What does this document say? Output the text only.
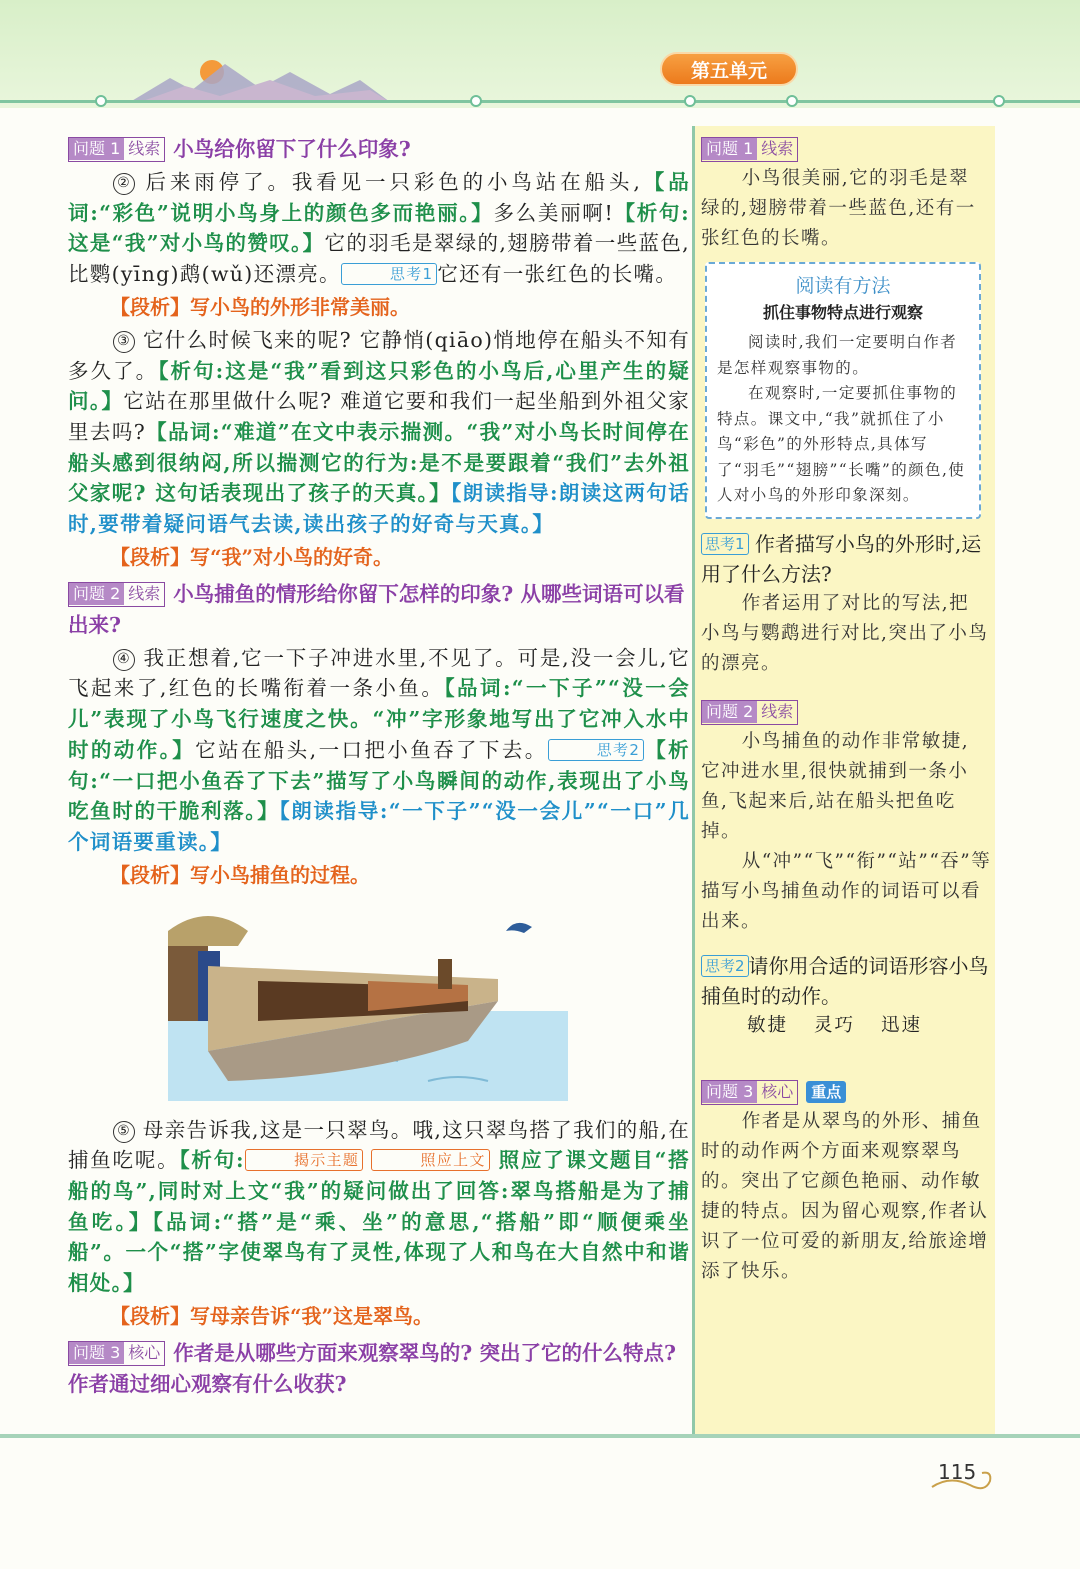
第五单元
问题 1 线索 小鸟给你留下了什么印象?

② 后来雨停了。我看见一只彩色的小鸟站在船头,【品词:“彩色”说明小鸟身上的颜色多而艳丽。】多么美丽啊!【析句:这是“我”对小鸟的赞叹。】它的羽毛是翠绿的,翅膀带着一些蓝色,比鹦(yīng)鹉(wǔ)还漂亮。	思考1 它还有一张红色的长嘴。

【段析】写小鸟的外形非常美丽。

③ 它什么时候飞来的呢? 它静悄(qiāo)悄地停在船头不知有多久了。【析句:这是“我”看到这只彩色的小鸟后,心里产生的疑问。】它站在那里做什么呢? 难道它要和我们一起坐船到外祖父家里去吗?【品词:“难道”在文中表示揣测。“我”对小鸟长时间停在船头感到很纳闷,所以揣测它的行为:是不是要跟着“我们”去外祖父家呢? 这句话表现出了孩子的天真。】【朗读指导:朗读这两句话时,要带着疑问语气去读,读出孩子的好奇与天真。】

【段析】写“我”对小鸟的好奇。
问题 2 线索 小鸟捕鱼的情形给你留下怎样的印象? 从哪些词语可以看出来?

④ 我正想着,它一下子冲进水里,不见了。可是,没一会儿,它飞起来了,红色的长嘴衔着一条小鱼。【品词:“一下子”“没一会儿”表现了小鸟飞行速度之快。“冲”字形象地写出了它冲入水中时的动作。】它站在船头,一口把小鱼吞了下去。	思考2 【析句:“一口把小鱼吞了下去”描写了小鸟瞬间的动作,表现出了小鸟吃鱼时的干脆利落。】【朗读指导:“一下子”“没一会儿”“一口”几个词语要重读。】

【段析】写小鸟捕鱼的过程。

⑤ 母亲告诉我,这是一只翠鸟。哦,这只翠鸟搭了我们的船,在捕鱼吃呢。【析句:	揭示主题	照应上文 照应了课文题目“搭船的鸟”,同时对上文“我”的疑问做出了回答:翠鸟搭船是为了捕鱼吃。】【品词:“搭”是“乘、坐”的意思,“搭船”即“顺便乘坐船”。一个“搭”字使翠鸟有了灵性,体现了人和鸟在大自然中和谐相处。】

【段析】写母亲告诉“我”这是翠鸟。
问题 3 核心 作者是从哪些方面来观察翠鸟的? 突出了它的什么特点? 作者通过细心观察有什么收获?
问题 1 线索

小鸟很美丽,它的羽毛是翠绿的,翅膀带着一些蓝色,还有一张红色的长嘴。

阅读有方法
抓住事物特点进行观察

阅读时,我们一定要明白作者是怎样观察事物的。

在观察时,一定要抓住事物的特点。课文中,“我”就抓住了小鸟“彩色”的外形特点,具体写了“羽毛”“翅膀”“长嘴”的颜色,使人对小鸟的外形印象深刻。

思考1 作者描写小鸟的外形时,运用了什么方法?

作者运用了对比的写法,把小鸟与鹦鹉进行对比,突出了小鸟的漂亮。

问题 2 线索

小鸟捕鱼的动作非常敏捷,它冲进水里,很快就捕到一条小鱼,飞起来后,站在船头把鱼吃掉。

从“冲”“飞”“衔”“站”“吞”等描写小鸟捕鱼动作的词语可以看出来。

思考2 请你用合适的词语形容小鸟捕鱼时的动作。
敏捷 灵巧 迅速
问题 3 核心 重点

作者是从翠鸟的外形、捕鱼时的动作两个方面来观察翠鸟的。突出了它颜色艳丽、动作敏捷的特点。因为留心观察,作者认识了一位可爱的新朋友,给旅途增添了快乐。

115
